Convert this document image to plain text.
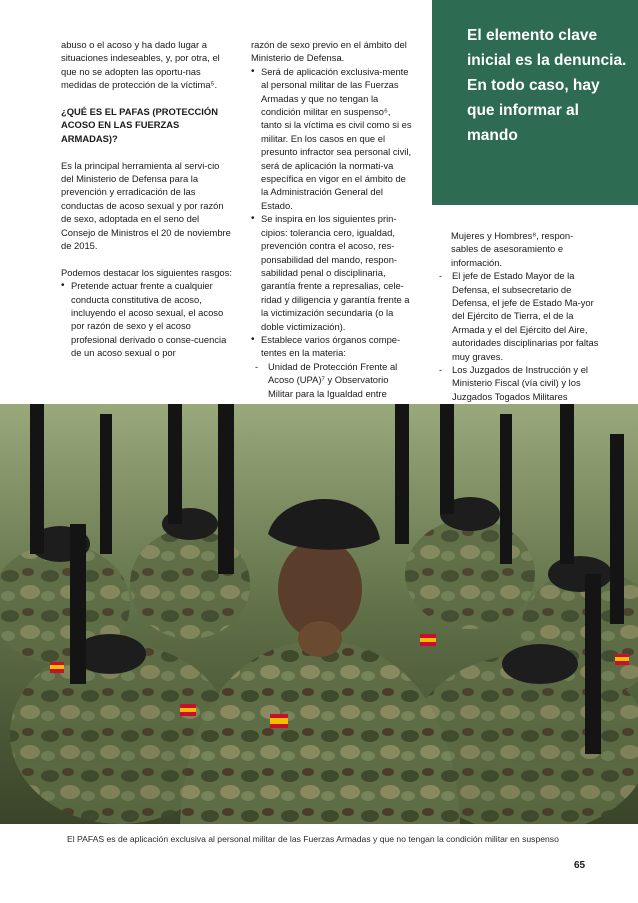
abuso o el acoso y ha dado lugar a situaciones indeseables, y, por otra, el que no se adopten las oportu-nas medidas de protección de la víctima⁵.

¿QUÉ ES EL PAFAS (PROTECCIÓN ACOSO EN LAS FUERZAS ARMADAS)?

Es la principal herramienta al servi-cio del Ministerio de Defensa para la prevención y erradicación de las conductas de acoso sexual y por razón de sexo, adoptada en el seno del Consejo de Ministros el 20 de noviembre de 2015.

Podemos destacar los siguientes rasgos:

• Pretende actuar frente a cualquier conducta constitutiva de acoso, incluyendo el acoso sexual, el acoso por razón de sexo y el acoso profesional derivado o conse-cuencia de un acoso sexual o por

razón de sexo previo en el ámbito del Ministerio de Defensa.

• Será de aplicación exclusiva-mente al personal militar de las Fuerzas Armadas y que no tengan la condición militar en suspenso⁶, tanto si la víctima es civil como si es militar. En los casos en que el presunto infractor sea personal civil, será de aplicación la normati-va específica en vigor en el ámbito de la Administración General del Estado.
• Se inspira en los siguientes prin-cipios: tolerancia cero, igualdad, prevención contra el acoso, res-ponsabilidad del mando, respon-sabilidad penal o disciplinaria, garantía frente a represalias, cele-ridad y diligencia y garantía frente a la victimización secundaria (o la doble victimización).
• Establece varios órganos compe-tentes en la materia:
- Unidad de Protección Frente al Acoso (UPA)⁷ y Observatorio Militar para la Igualdad entre

El elemento clave inicial es la denuncia. En todo caso, hay que informar al mando

Mujeres y Hombres⁸, respon-sables de asesoramiento e información.

- El jefe de Estado Mayor de la Defensa, el subsecretario de Defensa, el jefe de Estado Ma-yor del Ejército de Tierra, el de la Armada y el del Ejército del Aire, autoridades disciplinarias por faltas muy graves.
- Los Juzgados de Instrucción y el Ministerio Fiscal (vía civil) y los Juzgados Togados Militares

El PAFAS es de aplicación exclusiva al personal militar de las Fuerzas Armadas y que no tengan la condición militar en suspenso

65
